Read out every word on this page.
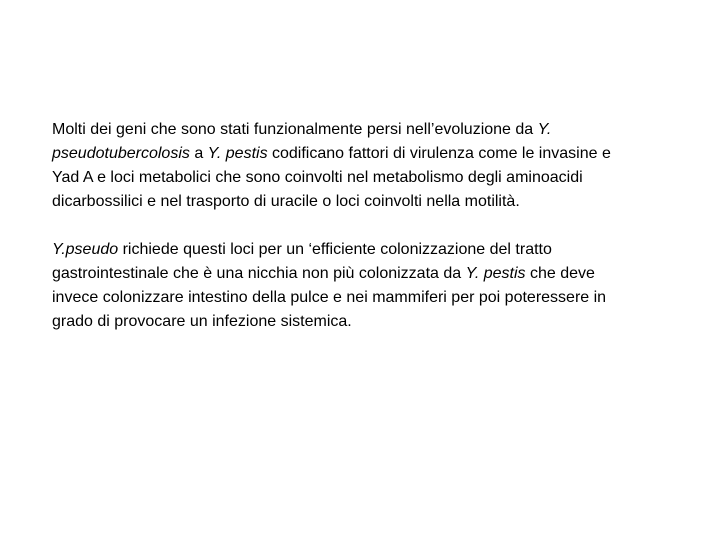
Molti dei geni che sono stati funzionalmente persi nell’evoluzione da Y.
pseudotubercolosis a Y. pestis codificano fattori di virulenza come le invasine e
Yad A e loci metabolici che sono coinvolti nel metabolismo degli aminoacidi
dicarbossilici e nel trasporto di uracile o loci coinvolti nella motilità.

Y.pseudo richiede questi loci per un ‘efficiente colonizzazione del tratto
gastrointestinale che è una nicchia non più colonizzata da Y. pestis che deve
invece colonizzare intestino della pulce e nei mammiferi per poi poteressere in
grado di provocare un infezione sistemica.
